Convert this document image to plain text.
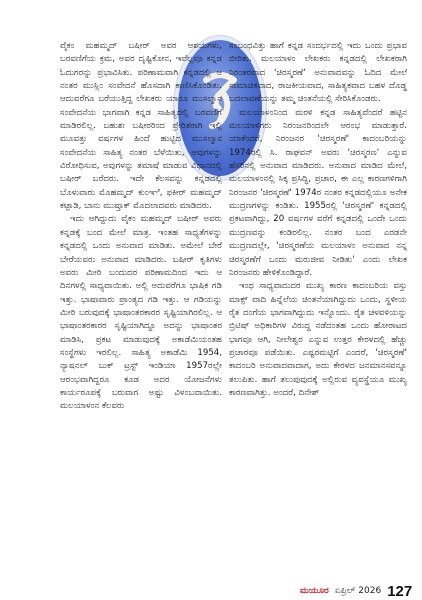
ವೈಕಂ ಮಹಮ್ಮದ್ ಬಷೀರ್ ಅವರ ಆಶಯಗಳು, ಬರವಣಿಗೆಯ ಕ್ರಮ, ಅವರ ದೃಷ್ಟಿಕೋನ, ಇವೆಲ್ಲವೂ ಕನ್ನಡ ಓದುಗರನ್ನು ಪ್ರಭಾವಿಸಿತು. ಪರಿಣಾಮವಾಗಿ ಕನ್ನಡದಲ್ಲಿ ಆ ನಂತರ ಮುಸ್ಲಿಂ ಸಂವೇದನೆ ಹೊಸದಾಗಿ ಕಾಣಿಸಿಕೊಂಡಿತು. ಆದುವರೆಗೂ ಬರೆಯುತ್ತಿದ್ದ ಲೇಖಕರು ಯಾರೂ ಮುಸಲ್ಮಾನ ಸಂವೇದನೆಯ ಭಾಗವಾಗಿ ಕನ್ನಡ ಸಾಹಿತ್ಯದಲ್ಲಿ ಬರವಣಿಗೆ ಮಾಡಿರಲಿಲ್ಲ. ಬಹುಶಃ ಬಷೀರರಿಂದ ಪ್ರೇರಿತರಾಗಿ ಇಲ್ಲಿ ಮೂವತ್ತು ವರ್ಷಗಳ ಹಿಂದೆ ಹುಟ್ಟಿದ ಮುಸಲ್ಮಾನ ಸಂವೇದನೆಯ ಸಾಹಿತ್ಯ ನಂತರ ಬೆಳೆಯಿತು, ಅವುಗಳನ್ನು ವಿರೋಧಿಸುವ, ಅವುಗಳನ್ನು ತಮಾಷೆ ಮಾಡುವ ವಿಧಾನದಲ್ಲಿ ಬಷೀರ್ ಬರೆದರು. ಇದೇ ಕೆಲಸವನ್ನು ಕನ್ನಡದಲ್ಲಿ ಬೊಳುವಾರು ಮೊಹಮ್ಮದ್ ಕುಂಞಿ, ಫಕೀರ್ ಮಹಮ್ಮದ್ ಕಟ್ಪಾಡಿ, ಬಾನು ಮುಷ್ತಾಕ್ ಮೊದಲಾದವರು ಮಾಡಿದರು.

ಇದು ಆಗಿದ್ದುದು ವೈಕಂ ಮಹಮ್ಮದ್ ಬಷೀರ್ ಅವರು ಕನ್ನಡಕ್ಕೆ ಬಂದ ಮೇಲೆ ಮಾತ್ರ. ಇಂತಹ ಸಾಧ್ಯತೆಗಳನ್ನು ಕನ್ನಡದಲ್ಲಿ ಒಂದು ಅನುವಾದ ಮಾಡಿತು. ಅಮೇಲೆ ಬೇರೆ ಬೇರೆಯವರು ಅನುವಾದ ಮಾಡಿದರು. ಬಷೀರ್ ಕೃತಿಗಳು ಅವರು ಮೀರಿ ಬಂದುದರ ಪರಿಣಾಮದಿಂದ ಇದು ಆ ದಿನಗಳಲ್ಲಿ ಸಾಧ್ಯವಾಯಿತು. ಅಲ್ಲಿ ಅದುವರೆಗೂ ಭಾಷಿಕ ಗಡಿ ಇತ್ತು. ಭಾಷಾವಾರು ಪ್ರಾಂತ್ಯದ ಗಡಿ ಇತ್ತು. ಆ ಗಡಿಯನ್ನು ಮೀರಿ ಬರುವುದಕ್ಕೆ ಭಾಷಾಂತರಕಾರರ ಸೃಷ್ಟಿಯಾಗಿರಲಿಲ್ಲ. ಆ ಭಾಷಾಂತರಕಾರರ ಸೃಷ್ಟಿಯಾಗಿದ್ದೂ ಅದನ್ನು ಭಾಷಾಂತರ ಮಾಡಿಸಿ, ಪ್ರಕಟ ಮಾಡುವುದಕ್ಕೆ ಅಕಾಡೆಮಿಯಂತಹ ಸಂಸ್ಥೆಗಳು ಇರಲಿಲ್ಲ. ಸಾಹಿತ್ಯ ಅಕಾಡೆಮಿ 1954, ನ್ಯಾಷನಲ್ ಬುಕ್ ಟ್ರಸ್ಟ್ ಇಂಡಿಯಾ 1957ರಲ್ಲೇ ಆರಂಭವಾಗಿದ್ದರೂ ಕೂಡ ಅದರ ಯೋಜನೆಗಳು ಕಾರ್ಯರೂಪಕ್ಕೆ ಬರುವಾಗ ಅಷ್ಟು ವಿಳಂಬವಾಯಿತು. ಮಲಯಾಳಂನ ಕೆಲವರು

ಸಂಬಂಧವಿತ್ತು ಹಾಗೆ ಕನ್ನಡ ಸಂದರ್ಭದಲ್ಲಿ ಇದು ಒಂದು ಪ್ರಭಾವ ಬೀರಿತು. ಮಲಯಾಳಂ ಲೇಖಕರು ಕನ್ನಡದಲ್ಲಿ ಲೇಖಕರಾಗಿ ನಿರಂತರವಾದ 'ಚಿರಸ್ಮರಣೆ' ಅನುವಾದವನ್ನು ಓದಿದ ಮೇಲೆ ಸಾಮಾಜಿಕವಾದ, ರಾಜಕೀಯವಾದ, ಸಾಹಿತ್ಯಕವಾದ ಬಹಳ ದೊಡ್ಡ ಬದಲಾವಣೆಯನ್ನು ತಮ್ಮ ಚಿಂತನೆಯಲ್ಲಿ ಸೇರಿಸಿಕೊಂಡರು.

ಮಲಯಾಳಂನಿಂದ ಮರಳಿ ಕನ್ನಡ ಸಾಹಿತ್ಯವೆಂದರೆ ಹಟ್ಟಿನ ಮಲಯಾಳಿಗರು ನಿರಂಜನರಿಂದಲೇ ಆರಂಭ ಮಾಡುತ್ತಾರೆ. ಯಾಕೆಂದರೆ, ನಿರಂಜನರ 'ಚಿರಸ್ಮರಣೆ' ಕಾದಂಬರಿಯನ್ನು 1974ರಲ್ಲಿ ಸಿ. ರಾಘವನ್ ಅವರು 'ಚಿರಸ್ಮರಣ' ಎನ್ನುವ ಹೆಸರಿನಲ್ಲಿ ಅನುವಾದ ಮಾಡಿದರು. ಅನುವಾದ ಮಾಡಿದ ಮೇಲೆ, ಮಲಯಾಳಂನಲ್ಲಿ ಸಿಕ್ಕ ಪ್ರಸಿದ್ಧಿ, ಪ್ರಚಾರ, ಈ ಎಲ್ಲ ಕಾರಣಗಳಿಗಾಗಿ ನಿರಂಜನರ 'ಚಿರಸ್ಮರಣೆ' 1974ರ ನಂತರ ಕನ್ನಡದಲ್ಲಿಯೂ ಅನೇಕ ಮುದ್ರಣಗಳನ್ನು ಕಂಡಿತು. 1955ರಲ್ಲಿ 'ಚಿರಸ್ಮರಣೆ' ಕನ್ನಡದಲ್ಲಿ ಪ್ರಕಟವಾಗಿದ್ದು, 20 ವರ್ಷಗಳ ವರೆಗೆ ಕನ್ನಡದಲ್ಲಿ ಒಂದೇ ಒಂದು ಮುದ್ರಣವನ್ನು ಕಂಡಿರಲಿಲ್ಲ. ನಂತರ ಬಂದ ಎರಡನೇ ಮುದ್ರಣದಲ್ಲೇ, 'ಚಿರಸ್ಮರಣೆಯ ಮಲಯಾಳಂ ಅನುವಾದ ನನ್ನ ಚಿರಸ್ಮರಣೆಗೆ ಒಂದು ಮರುಜೀವ ನೀಡಿತು' ಎಂದು ಲೇಖಕ ನಿರಂಜನರು ಹೇಳಿಕೊಂಡಿದ್ದಾರೆ.

ಇಂಥ ಸಾಧ್ಯವಾದುದರ ಮುಖ್ಯ ಕಾರಣ ಕಾದಂಬರಿಯ ವಸ್ತು ಮಾಕ್ಸ್ ವಾದಿ ಹಿನ್ನೆಲೆಯ ಚಿಂತನೆಯಾಗಿದ್ದುದು ಒಂದು, ಸ್ಥಳೀಯ ರೈತ ದಂಗೆಯ ಭಾಗವಾಗಿದ್ದುದು ಇನ್ನೊಂದು. ರೈತ ಚಳವಳಿಯನ್ನು ಬ್ರಿಟಿಷ್ ಅಧಿಕಾರಿಗಳ ವಿರುದ್ಧ ನಡೆದಂತಹ ಒಂದು ಹೋರಾಟದ ಭಾಗವೂ ಆಗಿ, ನೀಲೇಶ್ವರ ಎನ್ನುವ ಉತ್ತರ ಕೇರಳದಲ್ಲಿ ಹೆಚ್ಚು ಪ್ರಚಾರವೂ ಪಡೆಯಿತು. ಎಷ್ಟರಮಟ್ಟಿಗೆ ಎಂದರೆ, 'ಚಿರಸ್ಮರಣೆ' ಕಾದಂಬರಿ ಅನುವಾದವಾದಾಗ, ಅದು ಕೇರಳದ ಜನಮಾನಸವನ್ನೂ ತಲುಪಿತು. ಹಾಗೆ ತಲುಪುವುದಕ್ಕೆ ಅಲ್ಲಿರುವ ವ್ಯವಸ್ಥೆಯೂ ಮುಖ್ಯ ಕಾರಣವಾಗಿತ್ತು. ಅಂದರೆ, ದಿನೇಶ್

ಮಯೂರ ಏಪ್ರಿಲ್ 2026 127
